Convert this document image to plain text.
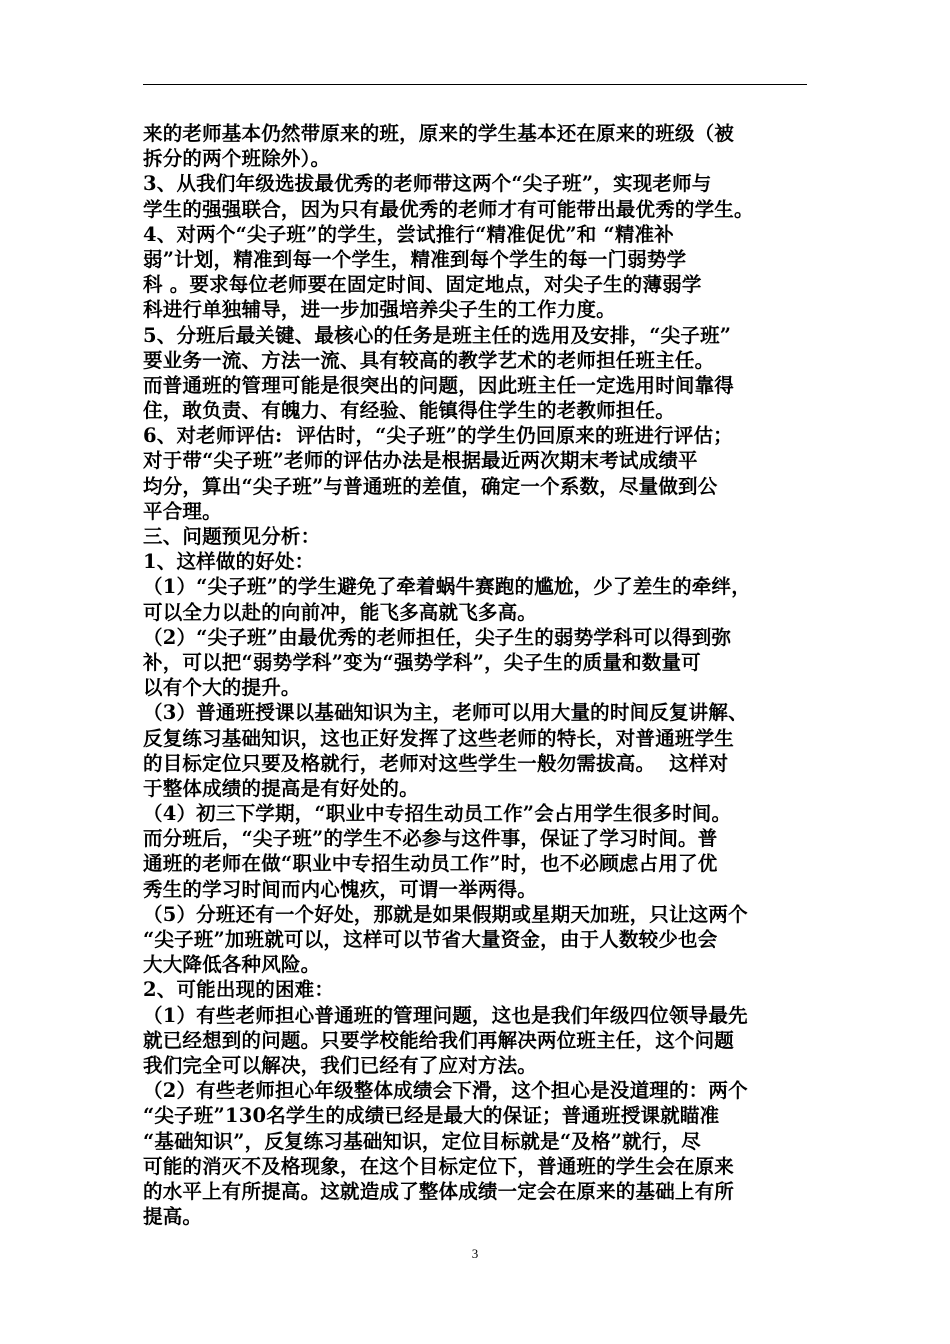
来的老师基本仍然带原来的班，原来的学生基本还在原来的班级（被
拆分的两个班除外）。
3、从我们年级选拔最优秀的老师带这两个“尖子班”，实现老师与
学生的强强联合，因为只有最优秀的老师才有可能带出最优秀的学生。
4、对两个“尖子班”的学生，尝试推行“精准促优”和 “精准补
弱”计划，精准到每一个学生，精准到每个学生的每一门弱势学
科 。要求每位老师要在固定时间、固定地点，对尖子生的薄弱学
科进行单独辅导，进一步加强培养尖子生的工作力度。
5、分班后最关键、最核心的任务是班主任的选用及安排，“尖子班”
要业务一流、方法一流、具有较高的教学艺术的老师担任班主任。
而普通班的管理可能是很突出的问题，因此班主任一定选用时间靠得
住，敢负责、有魄力、有经验、能镇得住学生的老教师担任。
6、对老师评估:  评估时，“尖子班”的学生仍回原来的班进行评估；
对于带“尖子班”老师的评估办法是根据最近两次期末考试成绩平
均分，算出“尖子班”与普通班的差值，确定一个系数，尽量做到公
平合理。
三、问题预见分析：
1、这样做的好处：
（1）“尖子班”的学生避免了牵着蜗牛赛跑的尴尬，少了差生的牵绊，
可以全力以赴的向前冲，能飞多高就飞多高。
（2）“尖子班”由最优秀的老师担任，尖子生的弱势学科可以得到弥
补，可以把“弱势学科”变为“强势学科”，尖子生的质量和数量可
以有个大的提升。
（3）普通班授课以基础知识为主，老师可以用大量的时间反复讲解、
反复练习基础知识，这也正好发挥了这些老师的特长，对普通班学生
的目标定位只要及格就行，老师对这些学生一般勿需拔高。  这样对
于整体成绩的提高是有好处的。
（4）初三下学期，“职业中专招生动员工作”会占用学生很多时间。
而分班后，“尖子班”的学生不必参与这件事，保证了学习时间。普
通班的老师在做“职业中专招生动员工作”时，也不必顾虑占用了优
秀生的学习时间而内心愧疚，可谓一举两得。
（5）分班还有一个好处，那就是如果假期或星期天加班，只让这两个
“尖子班”加班就可以，这样可以节省大量资金，由于人数较少也会
大大降低各种风险。
2、可能出现的困难：
（1）有些老师担心普通班的管理问题，这也是我们年级四位领导最先
就已经想到的问题。只要学校能给我们再解决两位班主任，这个问题
我们完全可以解决，我们已经有了应对方法。
（2）有些老师担心年级整体成绩会下滑，这个担心是没道理的：两个
“尖子班”130名学生的成绩已经是最大的保证；普通班授课就瞄准
“基础知识”，反复练习基础知识，定位目标就是“及格”就行，尽
可能的消灭不及格现象，在这个目标定位下，普通班的学生会在原来
的水平上有所提高。这就造成了整体成绩一定会在原来的基础上有所
提高。
3
